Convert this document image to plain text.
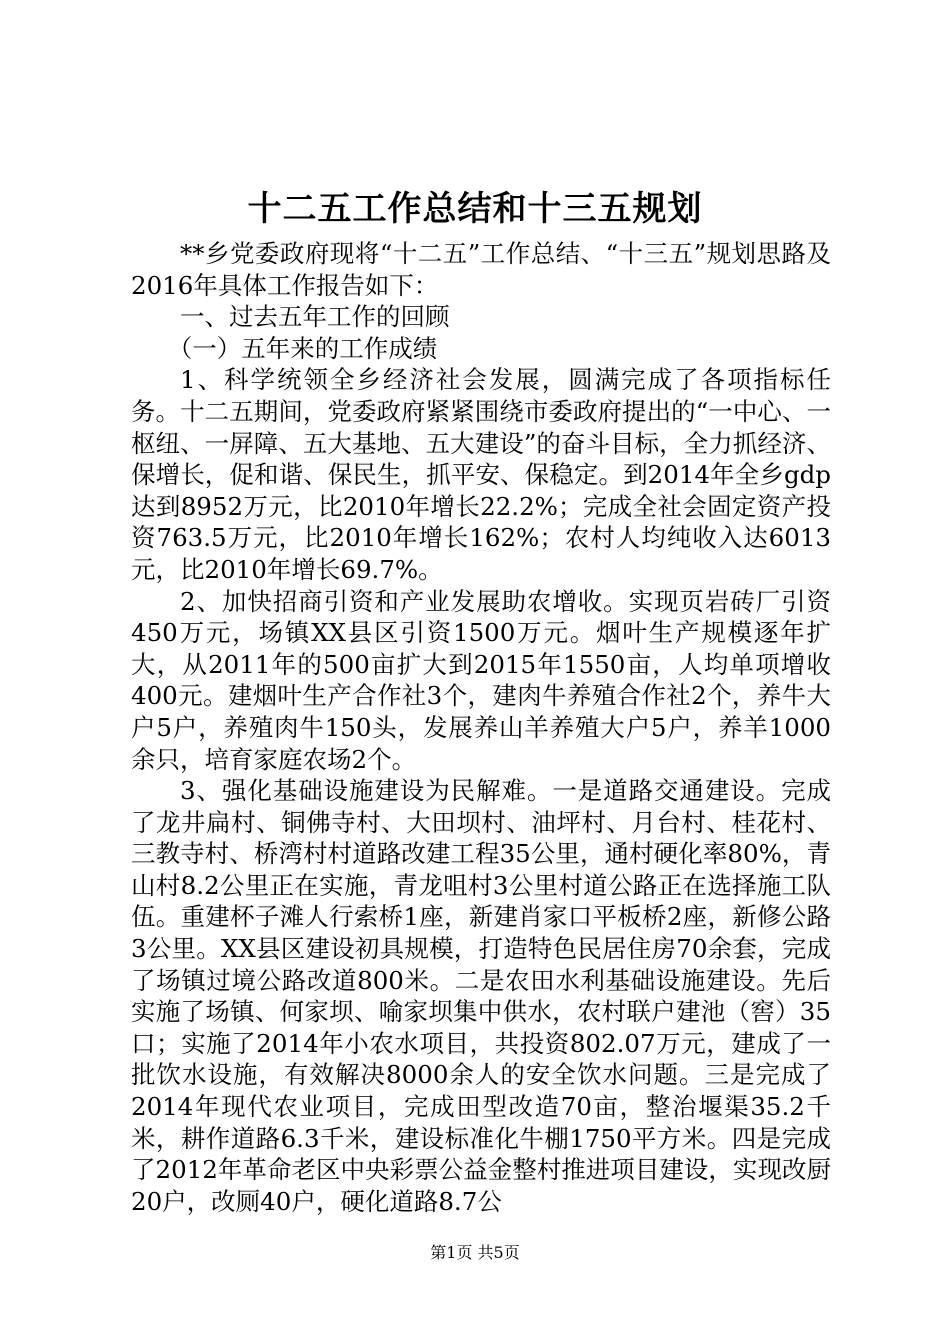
十二五工作总结和十三五规划

**乡党委政府现将“十二五”工作总结、“十三五”规划思路及2016年具体工作报告如下：

一、过去五年工作的回顾

（一）五年来的工作成绩

1、科学统领全乡经济社会发展，圆满完成了各项指标任务。十二五期间，党委政府紧紧围绕市委政府提出的“一中心、一枢纽、一屏障、五大基地、五大建设”的奋斗目标，全力抓经济、保增长，促和谐、保民生，抓平安、保稳定。到2014年全乡gdp达到8952万元，比2010年增长22.2%；完成全社会固定资产投资763.5万元，比2010年增长162%；农村人均纯收入达6013元，比2010年增长69.7%。

2、加快招商引资和产业发展助农增收。实现页岩砖厂引资450万元，场镇XX县区引资1500万元。烟叶生产规模逐年扩大，从2011年的500亩扩大到2015年1550亩，人均单项增收400元。建烟叶生产合作社3个，建肉牛养殖合作社2个，养牛大户5户，养殖肉牛150头，发展养山羊养殖大户5户，养羊1000余只，培育家庭农场2个。

3、强化基础设施建设为民解难。一是道路交通建设。完成了龙井扁村、铜佛寺村、大田坝村、油坪村、月台村、桂花村、三教寺村、桥湾村村道路改建工程35公里，通村硬化率80%，青山村8.2公里正在实施，青龙咀村3公里村道公路正在选择施工队伍。重建杯子滩人行索桥1座，新建肖家口平板桥2座，新修公路3公里。XX县区建设初具规模，打造特色民居住房70余套，完成了场镇过境公路改道800米。二是农田水利基础设施建设。先后实施了场镇、何家坝、喻家坝集中供水，农村联户建池（窖）35口；实施了2014年小农水项目，共投资802.07万元，建成了一批饮水设施，有效解决8000余人的安全饮水问题。三是完成了2014年现代农业项目，完成田型改造70亩，整治堰渠35.2千米，耕作道路6.3千米，建设标准化牛棚1750平方米。四是完成了2012年革命老区中央彩票公益金整村推进项目建设，实现改厨20户，改厕40户，硬化道路8.7公

第1页 共5页
